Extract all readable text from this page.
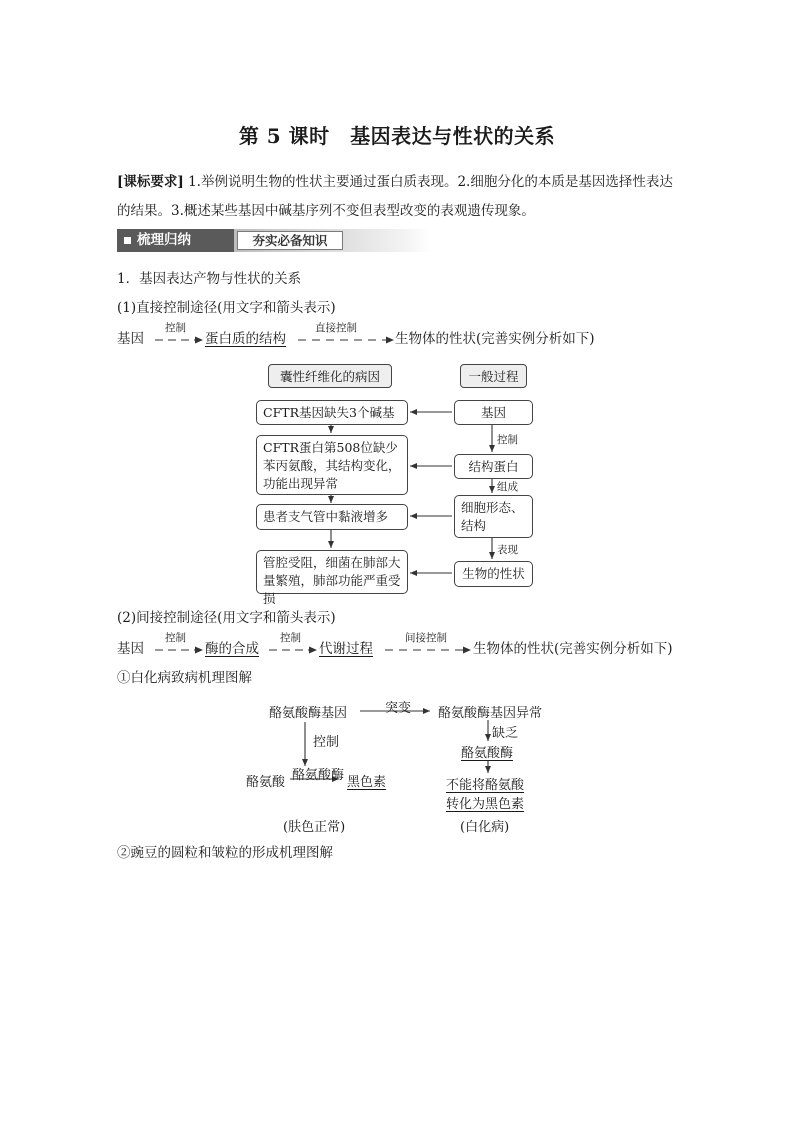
第 5 课时　基因表达与性状的关系
[课标要求] 1.举例说明生物的性状主要通过蛋白质表现。2.细胞分化的本质是基因选择性表达的结果。3.概述某些基因中碱基序列不变但表型改变的表观遗传现象。
梳理归纳	夯实必备知识
1．基因表达产物与性状的关系
(1)直接控制途径(用文字和箭头表示)
基因
控制
蛋白质的结构
直接控制
生物体的性状(完善实例分析如下)
囊性纤维化的病因	一般过程
CFTR基因缺失3个碱基
CFTR蛋白第508位缺少苯丙氨酸，其结构变化，功能出现异常
患者支气管中黏液增多
管腔受阻，细菌在肺部大量繁殖，肺部功能严重受损
基因
结构蛋白
细胞形态、结构
生物的性状
控制
组成
表现
(2)间接控制途径(用文字和箭头表示)
基因
控制
酶的合成
控制
代谢过程
间接控制
生物体的性状(完善实例分析如下)
①白化病致病机理图解
酪氨酸酶基因	突变 酪氨酸酶基因异常
控制
缺乏
酪氨酸酶
酪氨酸 酪氨酸酶 黑色素	不能将酪氨酸转化为黑色素
(肤色正常)	(白化病)
②豌豆的圆粒和皱粒的形成机理图解
